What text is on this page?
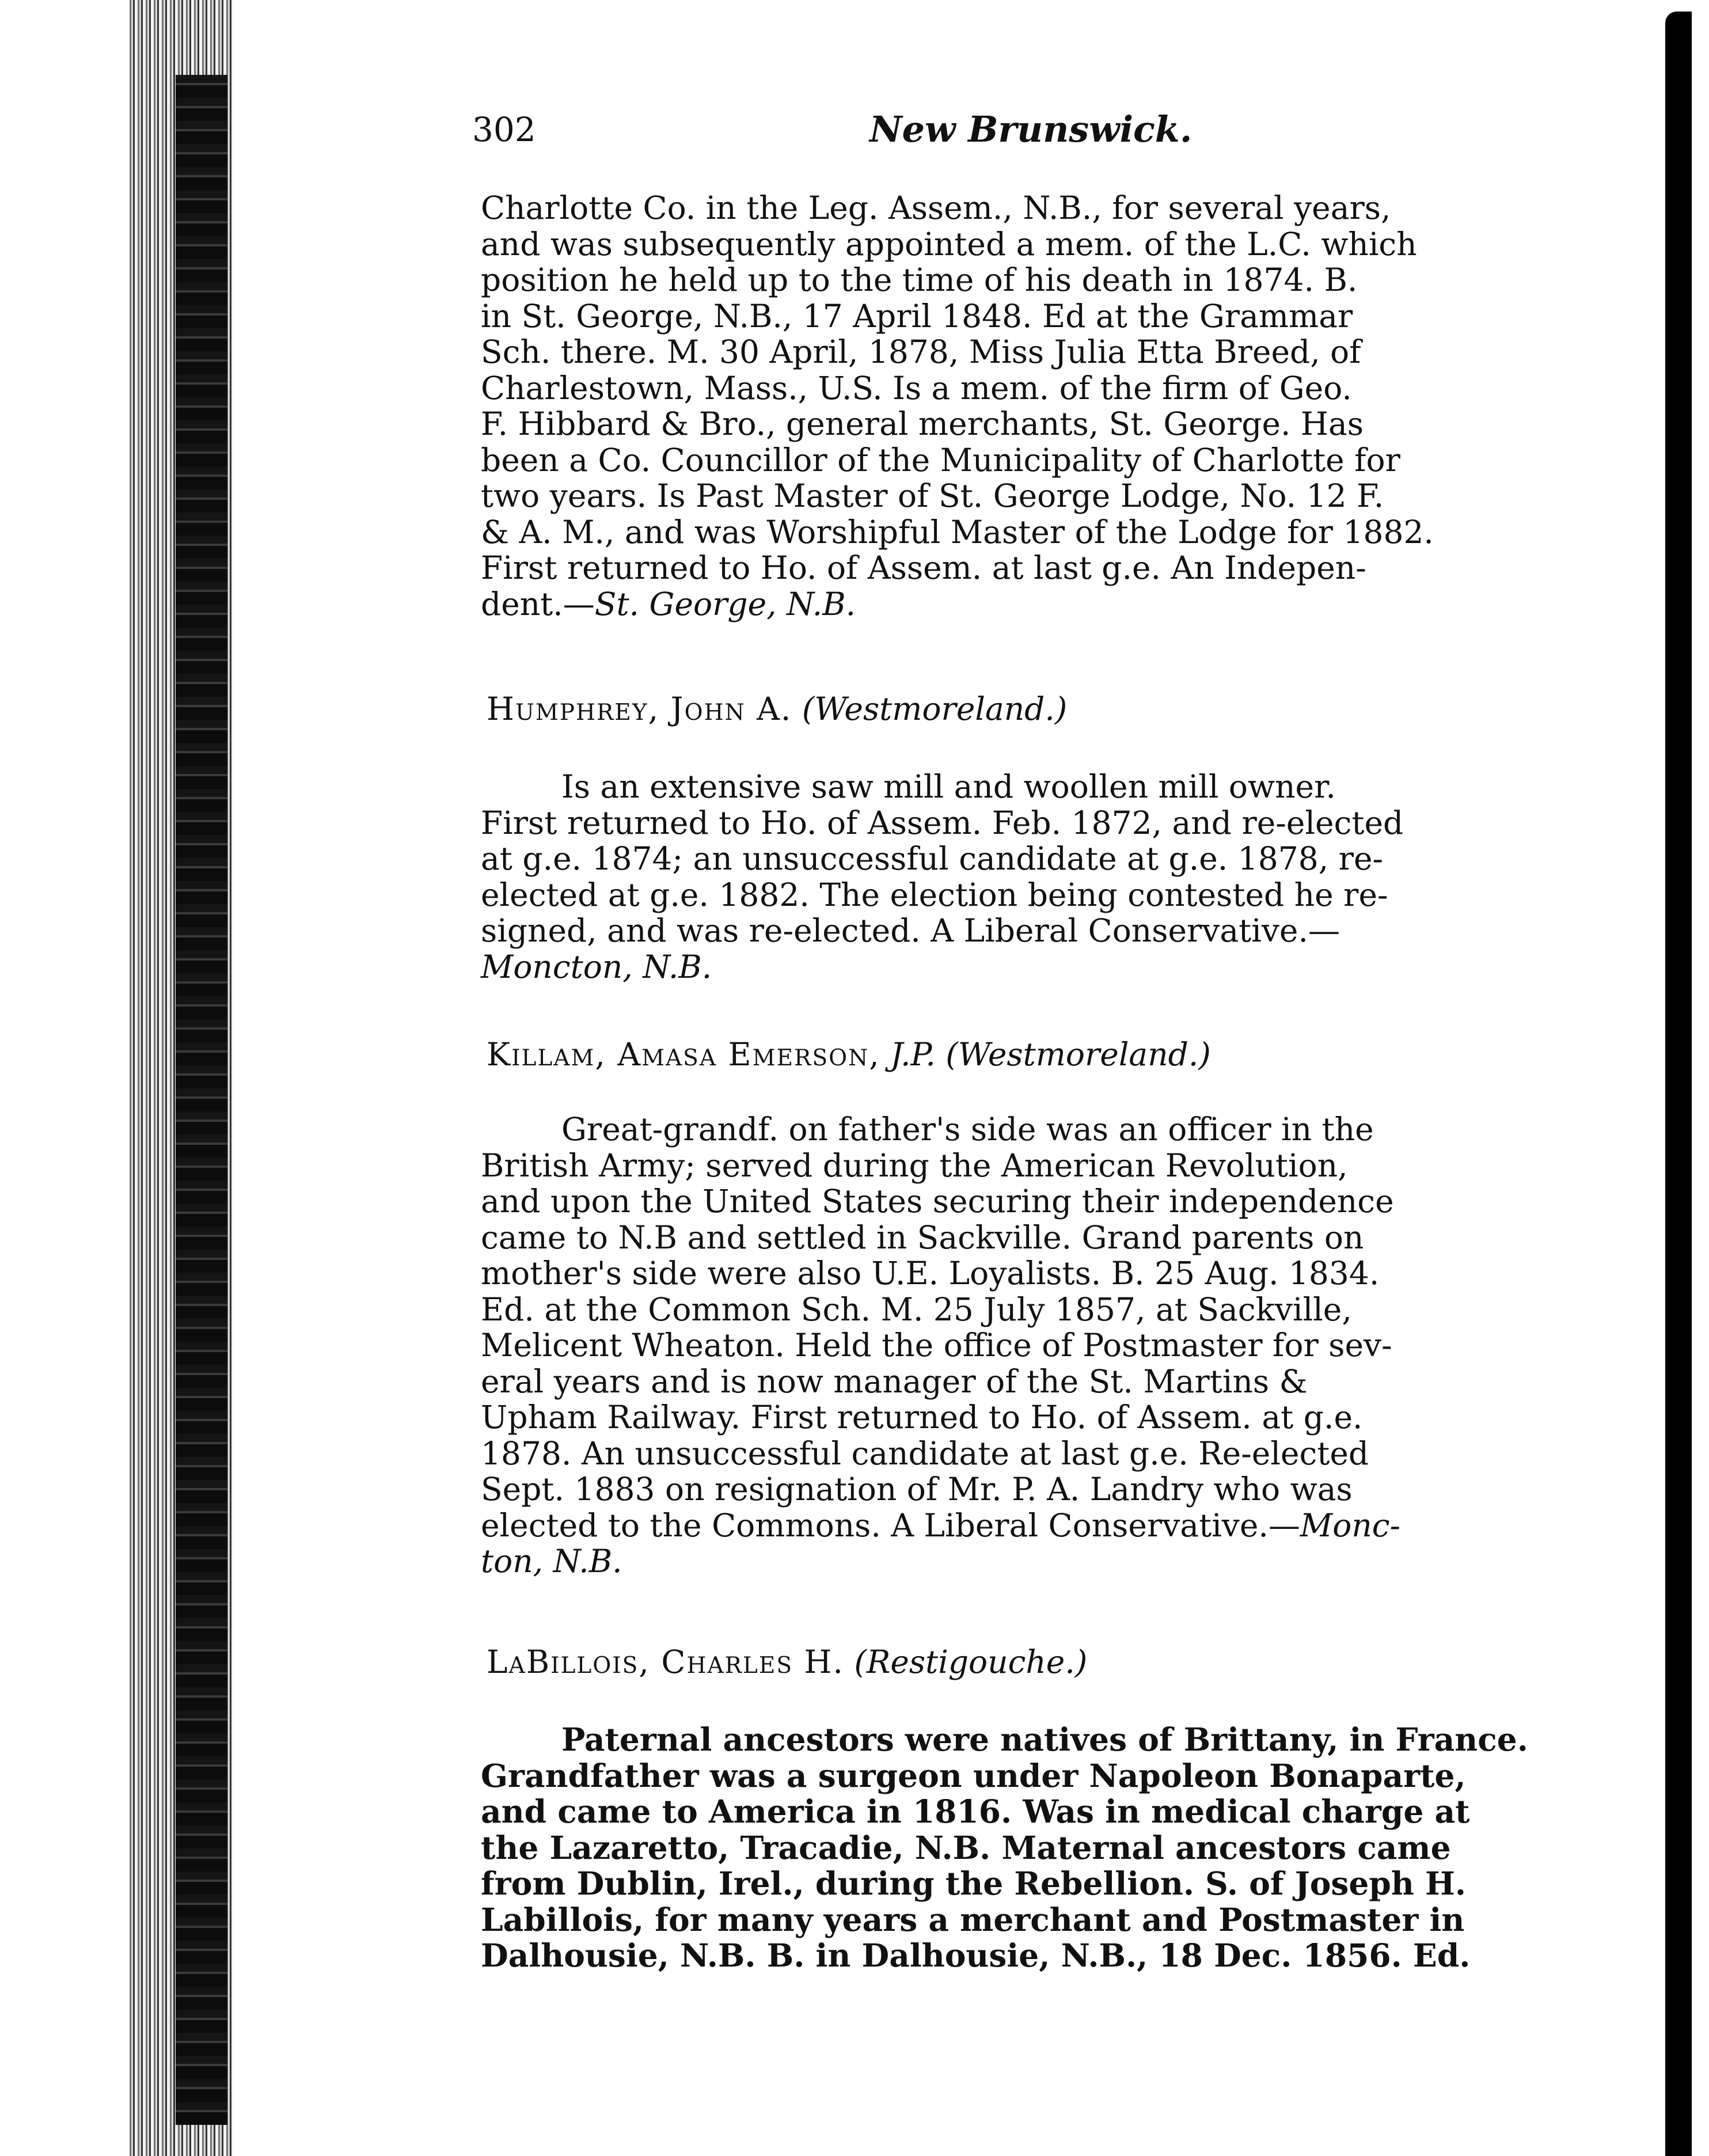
302	New Brunswick.
Charlotte Co. in the Leg. Assem., N.B., for several years,
and was subsequently appointed a mem. of the L.C. which
position he held up to the time of his death in 1874. B.
in St. George, N.B., 17 April 1848. Ed at the Grammar
Sch. there. M. 30 April, 1878, Miss Julia Etta Breed, of
Charlestown, Mass., U.S. Is a mem. of the firm of Geo.
F. Hibbard & Bro., general merchants, St. George. Has
been a Co. Councillor of the Municipality of Charlotte for
two years. Is Past Master of St. George Lodge, No. 12 F.
& A. M., and was Worshipful Master of the Lodge for 1882.
First returned to Ho. of Assem. at last g.e. An Indepen-
dent.—St. George, N.B.
Humphrey, John A. (Westmoreland.)
Is an extensive saw mill and woollen mill owner.
First returned to Ho. of Assem. Feb. 1872, and re-elected
at g.e. 1874; an unsuccessful candidate at g.e. 1878, re-
elected at g.e. 1882. The election being contested he re-
signed, and was re-elected. A Liberal Conservative.—
Moncton, N.B.
Killam, Amasa Emerson, J.P. (Westmoreland.)
Great-grandf. on father's side was an officer in the
British Army; served during the American Revolution,
and upon the United States securing their independence
came to N.B and settled in Sackville. Grand parents on
mother's side were also U.E. Loyalists. B. 25 Aug. 1834.
Ed. at the Common Sch. M. 25 July 1857, at Sackville,
Melicent Wheaton. Held the office of Postmaster for sev-
eral years and is now manager of the St. Martins &
Upham Railway. First returned to Ho. of Assem. at g.e.
1878. An unsuccessful candidate at last g.e. Re-elected
Sept. 1883 on resignation of Mr. P. A. Landry who was
elected to the Commons. A Liberal Conservative.—Monc-
ton, N.B.
LaBillois, Charles H. (Restigouche.)
Paternal ancestors were natives of Brittany, in France.
Grandfather was a surgeon under Napoleon Bonaparte,
and came to America in 1816. Was in medical charge at
the Lazaretto, Tracadie, N.B. Maternal ancestors came
from Dublin, Irel., during the Rebellion. S. of Joseph H.
Labillois, for many years a merchant and Postmaster in
Dalhousie, N.B. B. in Dalhousie, N.B., 18 Dec. 1856. Ed.
